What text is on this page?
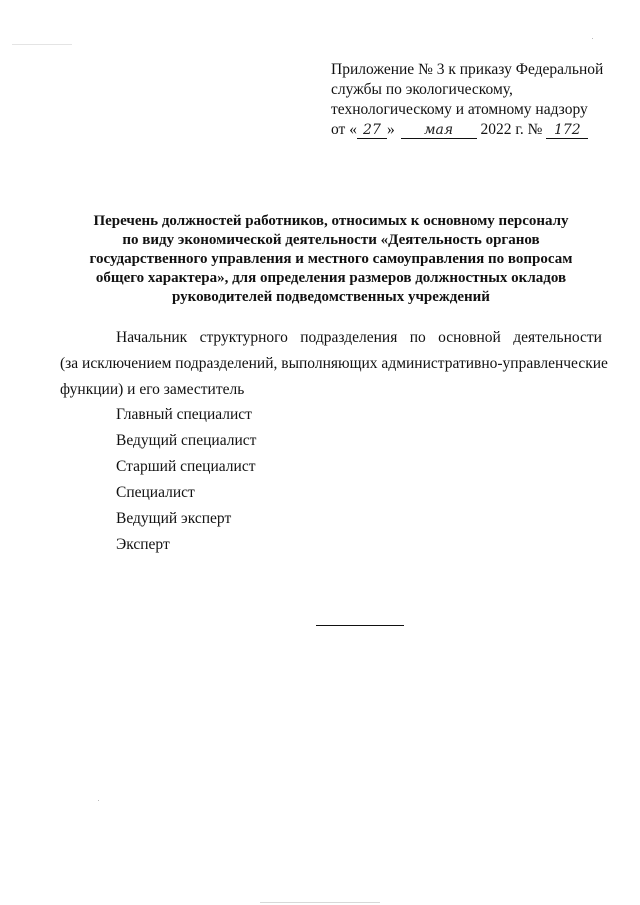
Приложение № 3 к приказу Федеральной
службы по экологическому,
технологическому и атомному надзору
от « 27 » мая 2022 г. № 172
Перечень должностей работников, относимых к основному персоналу
по виду экономической деятельности «Деятельность органов
государственного управления и местного самоуправления по вопросам
общего характера», для определения размеров должностных окладов
руководителей подведомственных учреждений
Начальник структурного подразделения по основной деятельности
(за исключением подразделений, выполняющих административно-управленческие
функции) и его заместитель
Главный специалист
Ведущий специалист
Старший специалист
Специалист
Ведущий эксперт
Эксперт
